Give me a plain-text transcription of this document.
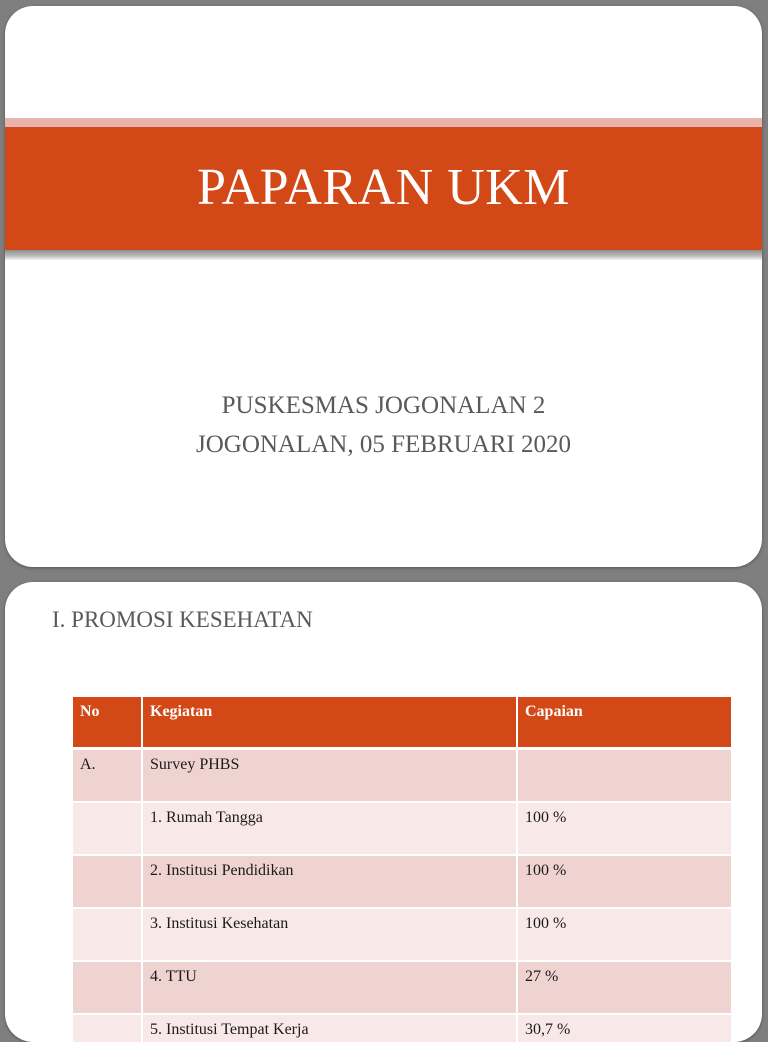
PAPARAN UKM
PUSKESMAS JOGONALAN 2
JOGONALAN, 05 FEBRUARI 2020
I. PROMOSI KESEHATAN
No	Kegiatan	Capaian
A.	Survey PHBS	
	1. Rumah Tangga	100 %
	2. Institusi Pendidikan	100 %
	3. Institusi Kesehatan	100 %
	4. TTU	27 %
	5. Institusi Tempat Kerja	30,7 %
